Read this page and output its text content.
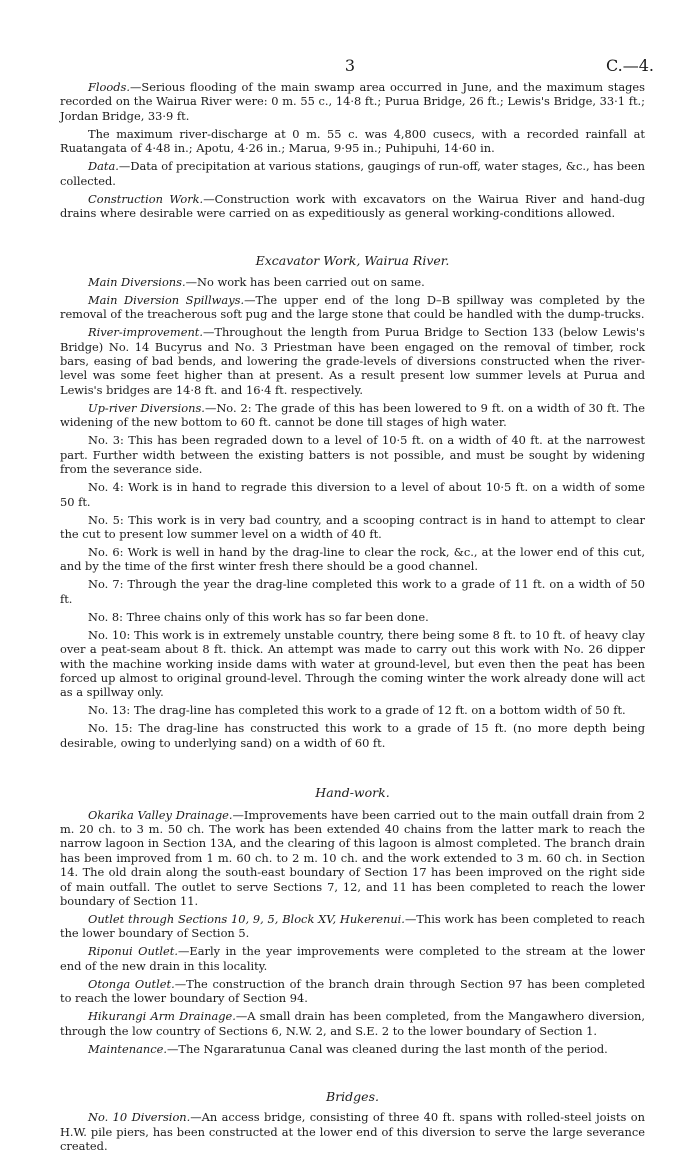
3	C.—4.

Floods.—Serious flooding of the main swamp area occurred in June, and the maximum stages recorded on the Wairua River were: 0 m. 55 c., 14·8 ft.; Purua Bridge, 26 ft.; Lewis's Bridge, 33·1 ft.; Jordan Bridge, 33·9 ft.

The maximum river-discharge at 0 m. 55 c. was 4,800 cusecs, with a recorded rainfall at Ruatangata of 4·48 in.; Apotu, 4·26 in.; Marua, 9·95 in.; Puhipuhi, 14·60 in.

Data.—Data of precipitation at various stations, gaugings of run-off, water stages, &c., has been collected.

Construction Work.—Construction work with excavators on the Wairua River and hand-dug drains where desirable were carried on as expeditiously as general working-conditions allowed.

Excavator Work, Wairua River.

Main Diversions.—No work has been carried out on same.

Main Diversion Spillways.—The upper end of the long D–B spillway was completed by the removal of the treacherous soft pug and the large stone that could be handled with the dump-trucks.

River-improvement.—Throughout the length from Purua Bridge to Section 133 (below Lewis's Bridge) No. 14 Bucyrus and No. 3 Priestman have been engaged on the removal of timber, rock bars, easing of bad bends, and lowering the grade-levels of diversions constructed when the river-level was some feet higher than at present. As a result present low summer levels at Purua and Lewis's bridges are 14·8 ft. and 16·4 ft. respectively.

Up-river Diversions.—No. 2: The grade of this has been lowered to 9 ft. on a width of 30 ft. The widening of the new bottom to 60 ft. cannot be done till stages of high water.

No. 3: This has been regraded down to a level of 10·5 ft. on a width of 40 ft. at the narrowest part. Further width between the existing batters is not possible, and must be sought by widening from the severance side.

No. 4: Work is in hand to regrade this diversion to a level of about 10·5 ft. on a width of some 50 ft.

No. 5: This work is in very bad country, and a scooping contract is in hand to attempt to clear the cut to present low summer level on a width of 40 ft.

No. 6: Work is well in hand by the drag-line to clear the rock, &c., at the lower end of this cut, and by the time of the first winter fresh there should be a good channel.

No. 7: Through the year the drag-line completed this work to a grade of 11 ft. on a width of 50 ft.

No. 8: Three chains only of this work has so far been done.

No. 10: This work is in extremely unstable country, there being some 8 ft. to 10 ft. of heavy clay over a peat-seam about 8 ft. thick. An attempt was made to carry out this work with No. 26 dipper with the machine working inside dams with water at ground-level, but even then the peat has been forced up almost to original ground-level. Through the coming winter the work already done will act as a spillway only.

No. 13: The drag-line has completed this work to a grade of 12 ft. on a bottom width of 50 ft.

No. 15: The drag-line has constructed this work to a grade of 15 ft. (no more depth being desirable, owing to underlying sand) on a width of 60 ft.

Hand-work.

Okarika Valley Drainage.—Improvements have been carried out to the main outfall drain from 2 m. 20 ch. to 3 m. 50 ch. The work has been extended 40 chains from the latter mark to reach the narrow lagoon in Section 13A, and the clearing of this lagoon is almost completed. The branch drain has been improved from 1 m. 60 ch. to 2 m. 10 ch. and the work extended to 3 m. 60 ch. in Section 14. The old drain along the south-east boundary of Section 17 has been improved on the right side of main outfall. The outlet to serve Sections 7, 12, and 11 has been completed to reach the lower boundary of Section 11.

Outlet through Sections 10, 9, 5, Block XV, Hukerenui.—This work has been completed to reach the lower boundary of Section 5.

Riponui Outlet.—Early in the year improvements were completed to the stream at the lower end of the new drain in this locality.

Otonga Outlet.—The construction of the branch drain through Section 97 has been completed to reach the lower boundary of Section 94.

Hikurangi Arm Drainage.—A small drain has been completed, from the Mangawhero diversion, through the low country of Sections 6, N.W. 2, and S.E. 2 to the lower boundary of Section 1.

Maintenance.—The Ngararatunua Canal was cleaned during the last month of the period.

Bridges.

No. 10 Diversion.—An access bridge, consisting of three 40 ft. spans with rolled-steel joists on H.W. pile piers, has been constructed at the lower end of this diversion to serve the large severance created.
